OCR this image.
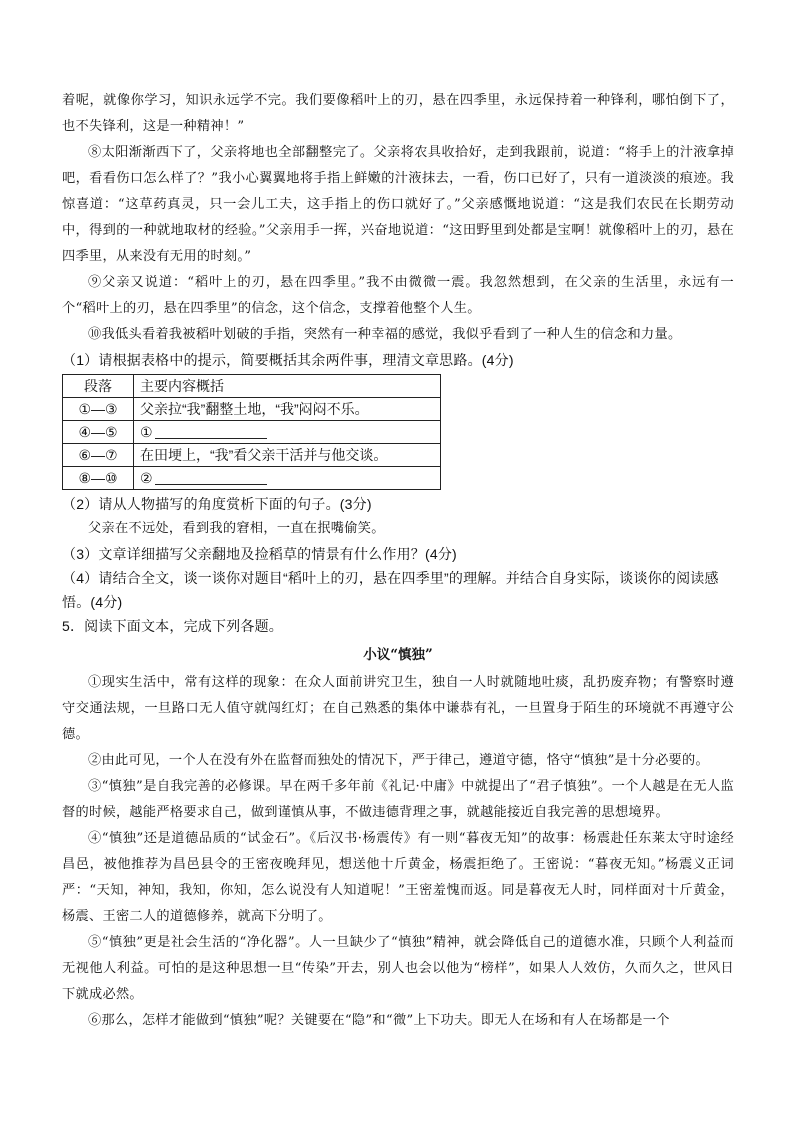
着呢，就像你学习，知识永远学不完。我们要像稻叶上的刃，悬在四季里，永远保持着一种锋利，哪怕倒下了，也不失锋利，这是一种精神！”

⑧太阳渐渐西下了，父亲将地也全部翻整完了。父亲将农具收拾好，走到我跟前，说道：“将手上的汁液拿掉吧，看看伤口怎么样了？”我小心翼翼地将手指上鲜嫩的汁液抹去，一看，伤口已好了，只有一道淡淡的痕迹。我惊喜道：“这草药真灵，只一会儿工夫，这手指上的伤口就好了。”父亲感慨地说道：“这是我们农民在长期劳动中，得到的一种就地取材的经验。”父亲用手一挥，兴奋地说道：“这田野里到处都是宝啊！就像稻叶上的刃，悬在四季里，从来没有无用的时刻。”

⑨父亲又说道：“稻叶上的刃，悬在四季里。”我不由微微一震。我忽然想到，在父亲的生活里，永远有一个“稻叶上的刃，悬在四季里”的信念，这个信念，支撑着他整个人生。

⑩我低头看着我被稻叶划破的手指，突然有一种幸福的感觉，我似乎看到了一种人生的信念和力量。

（1）请根据表格中的提示，简要概括其余两件事，理清文章思路。(4分)

段落	主要内容概括
①—③	父亲拉“我”翻整土地，“我”闷闷不乐。
④—⑤	①
⑥—⑦	在田埂上，“我”看父亲干活并与他交谈。
⑧—⑩	②

（2）请从人物描写的角度赏析下面的句子。(3分)

父亲在不远处，看到我的窘相，一直在抿嘴偷笑。

（3）文章详细描写父亲翻地及捡稻草的情景有什么作用？(4分)

（4）请结合全文，谈一谈你对题目“稻叶上的刃，悬在四季里”的理解。并结合自身实际，谈谈你的阅读感悟。(4分)

5．阅读下面文本，完成下列各题。

小议“慎独”

①现实生活中，常有这样的现象：在众人面前讲究卫生，独自一人时就随地吐痰，乱扔废弃物；有警察时遵守交通法规，一旦路口无人值守就闯红灯；在自己熟悉的集体中谦恭有礼，一旦置身于陌生的环境就不再遵守公德。

②由此可见，一个人在没有外在监督而独处的情况下，严于律己，遵道守德，恪守“慎独”是十分必要的。

③“慎独”是自我完善的必修课。早在两千多年前《礼记·中庸》中就提出了“君子慎独”。一个人越是在无人监督的时候，越能严格要求自己，做到谨慎从事，不做违德背理之事，就越能接近自我完善的思想境界。

④“慎独”还是道德品质的“试金石”。《后汉书·杨震传》有一则“暮夜无知”的故事：杨震赴任东莱太守时途经昌邑，被他推荐为昌邑县令的王密夜晚拜见，想送他十斤黄金，杨震拒绝了。王密说：“暮夜无知。”杨震义正词严：“天知，神知，我知，你知，怎么说没有人知道呢！”王密羞愧而返。同是暮夜无人时，同样面对十斤黄金，杨震、王密二人的道德修养，就高下分明了。

⑤“慎独”更是社会生活的“净化器”。人一旦缺少了“慎独”精神，就会降低自己的道德水准，只顾个人利益而无视他人利益。可怕的是这种思想一旦“传染”开去，别人也会以他为“榜样”，如果人人效仿，久而久之，世风日下就成必然。

⑥那么，怎样才能做到“慎独”呢？关键要在“隐”和“微”上下功夫。即无人在场和有人在场都是一个
